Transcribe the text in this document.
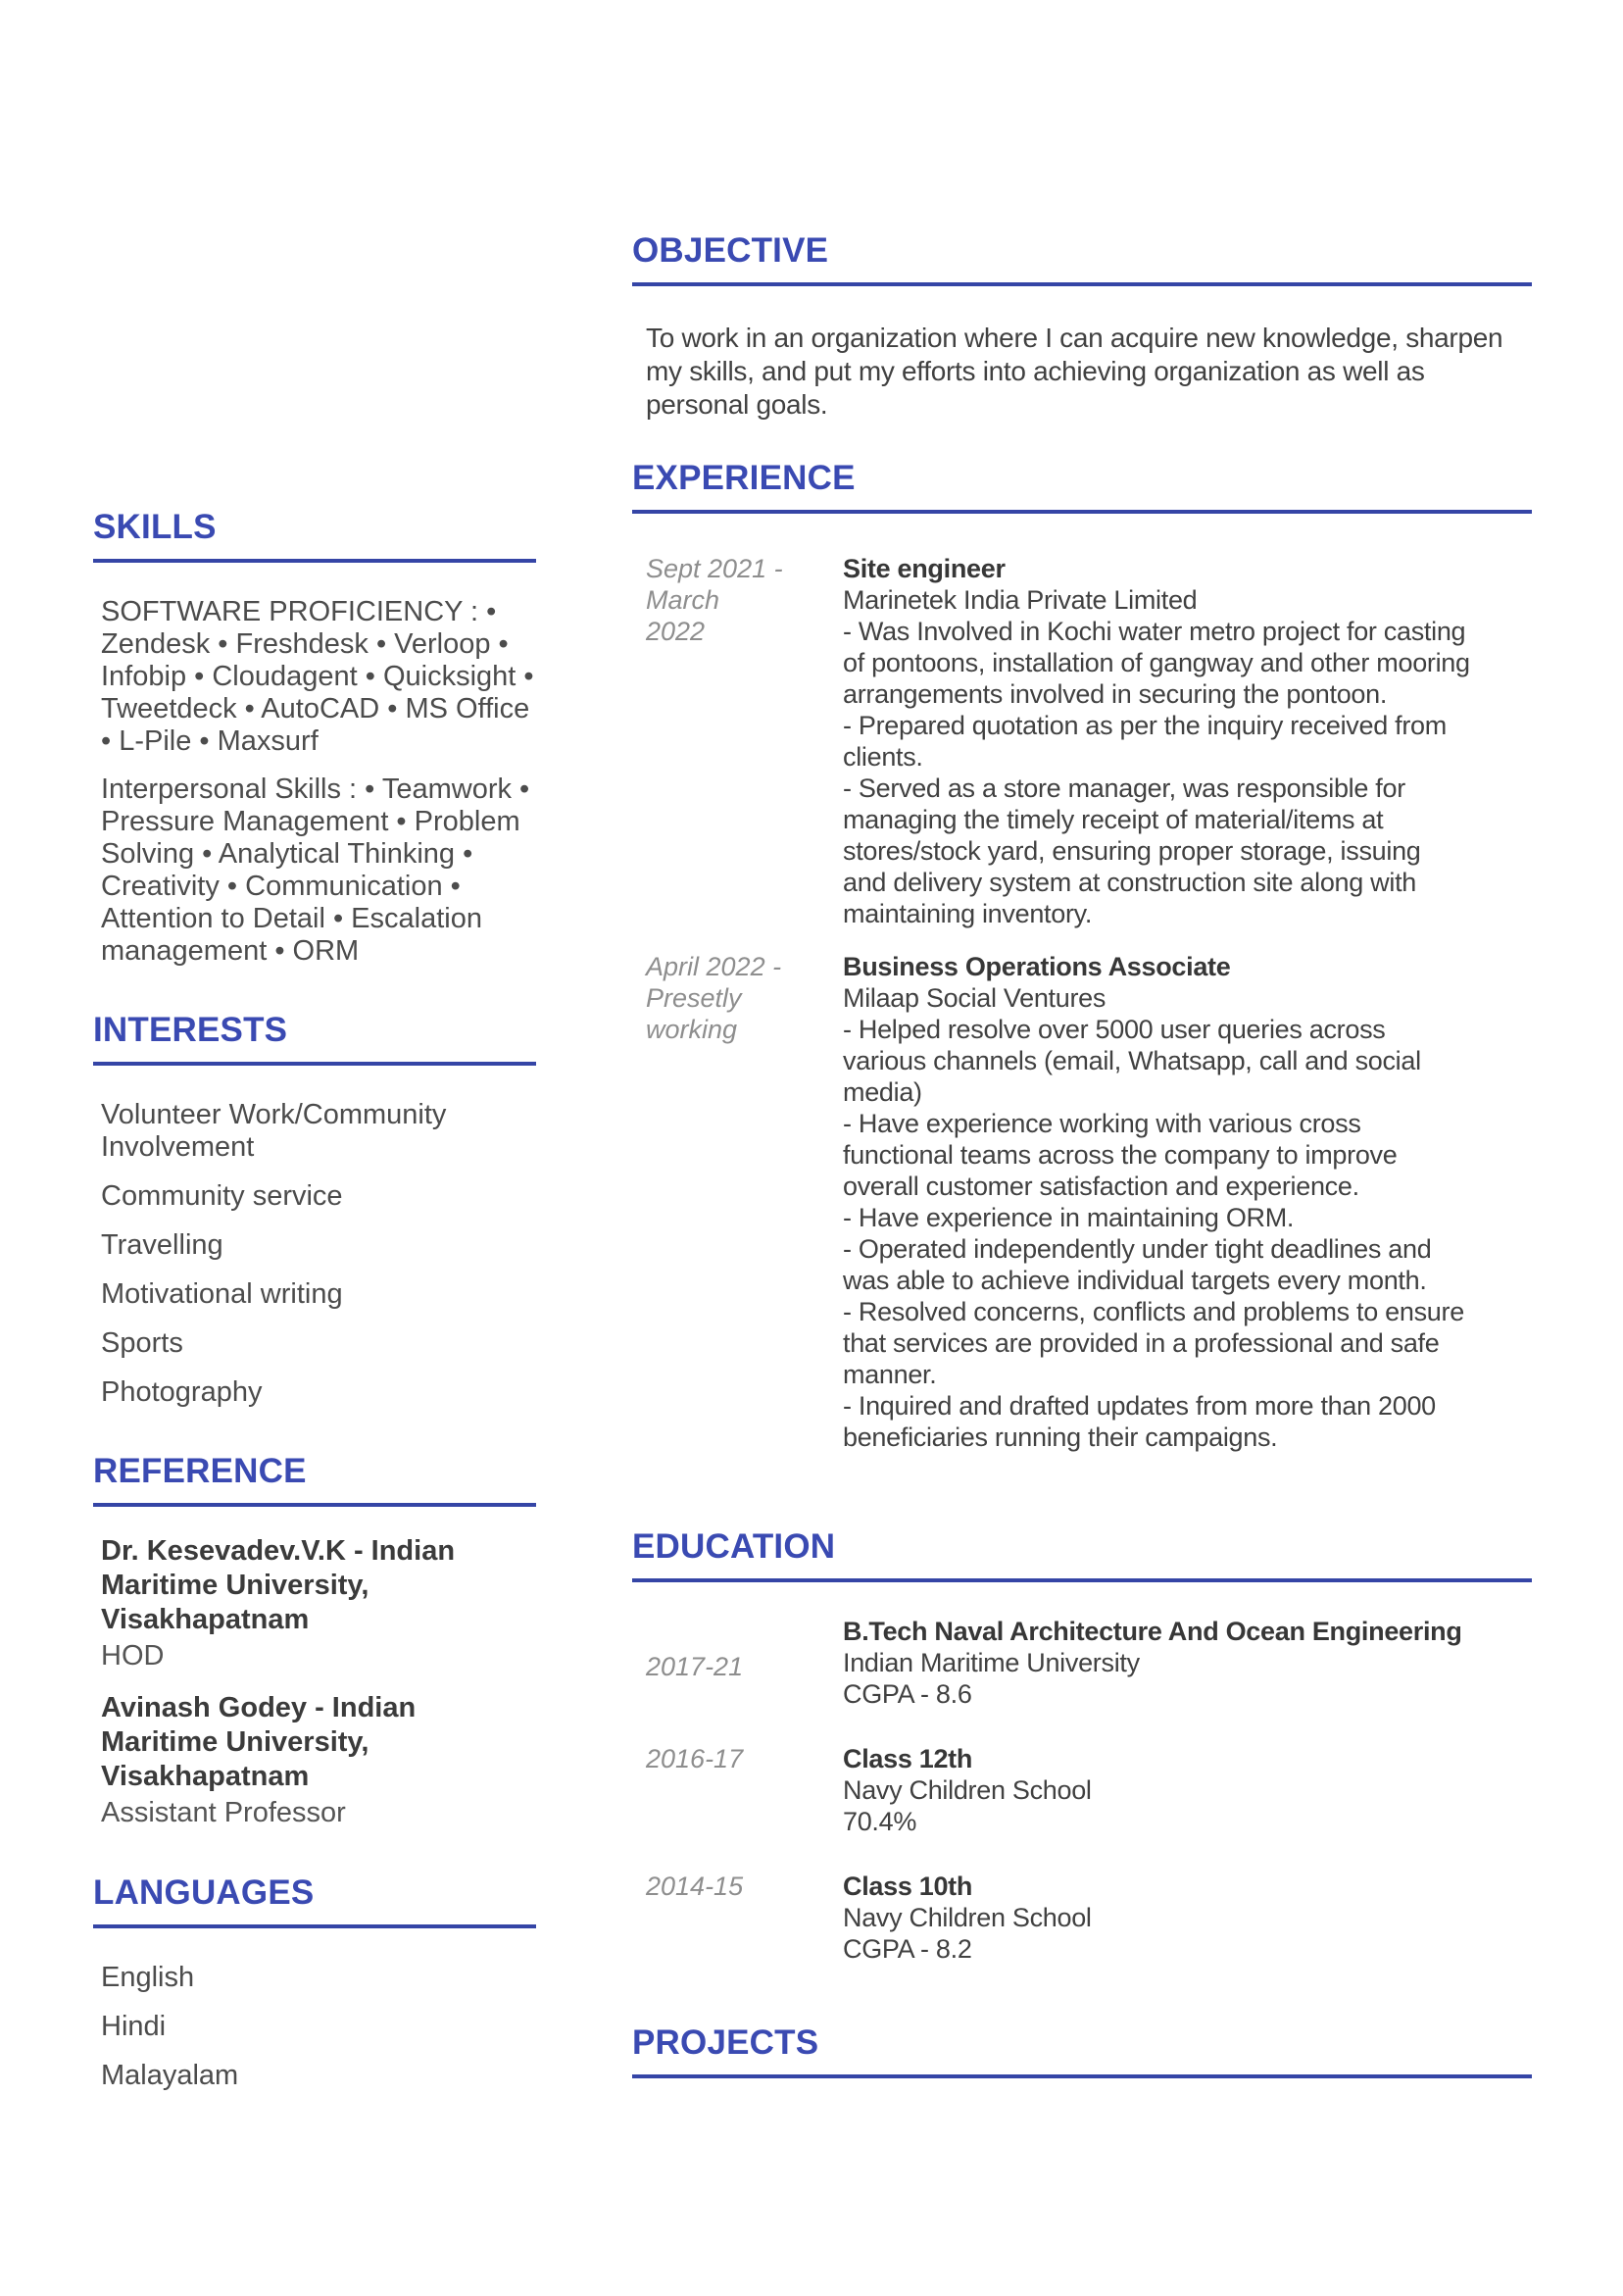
SKILLS

SOFTWARE PROFICIENCY : • Zendesk • Freshdesk • Verloop • Infobip • Cloudagent • Quicksight • Tweetdeck • AutoCAD • MS Office • L-Pile • Maxsurf

Interpersonal Skills : • Teamwork • Pressure Management • Problem Solving • Analytical Thinking • Creativity • Communication • Attention to Detail • Escalation management • ORM

INTERESTS
Volunteer Work/Community Involvement
Community service
Travelling
Motivational writing
Sports
Photography
REFERENCE
Dr. Kesevadev.V.K - Indian Maritime University, Visakhapatnam
HOD
Avinash Godey - Indian Maritime University, Visakhapatnam
Assistant Professor
LANGUAGES
English
Hindi
Malayalam
OBJECTIVE

To work in an organization where I can acquire new knowledge, sharpen my skills, and put my efforts into achieving organization as well as personal goals.

EXPERIENCE
Sept 2021 - March 2022
Site engineer
Marinetek India Private Limited
- Was Involved in Kochi water metro project for casting of pontoons, installation of gangway and other mooring arrangements involved in securing the pontoon.
- Prepared quotation as per the inquiry received from clients.
- Served as a store manager, was responsible for managing the timely receipt of material/items at stores/stock yard, ensuring proper storage, issuing and delivery system at construction site along with maintaining inventory.
April 2022 - Presetly working
Business Operations Associate
Milaap Social Ventures
- Helped resolve over 5000 user queries across various channels (email, Whatsapp, call and social media)
- Have experience working with various cross functional teams across the company to improve overall customer satisfaction and experience.
- Have experience in maintaining ORM.
- Operated independently under tight deadlines and was able to achieve individual targets every month.
- Resolved concerns, conflicts and problems to ensure that services are provided in a professional and safe manner.
- Inquired and drafted updates from more than 2000 beneficiaries running their campaigns.
EDUCATION
2017-21
B.Tech Naval Architecture And Ocean Engineering
Indian Maritime University
CGPA - 8.6
2016-17	Class 12th
Navy Children School
70.4%
2014-15	Class 10th
Navy Children School
CGPA - 8.2
PROJECTS
